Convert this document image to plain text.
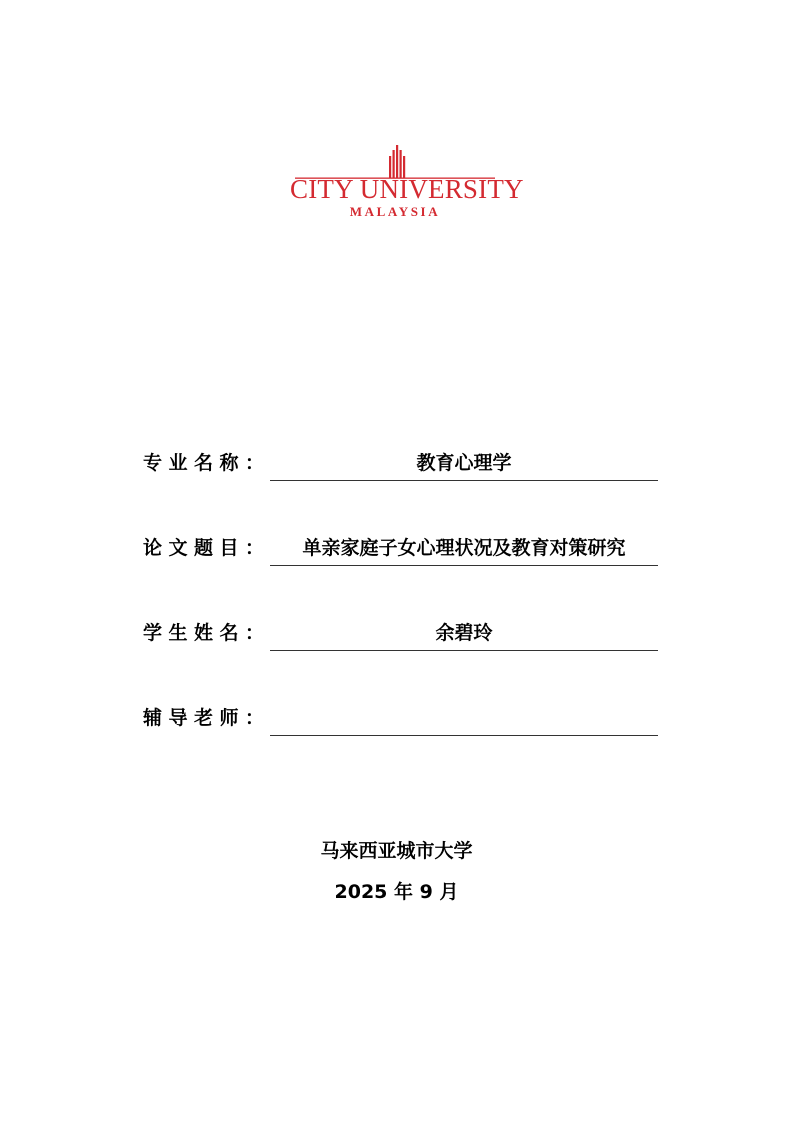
CITY UNIVERSITY
MALAYSIA
专业名称：	教育心理学
论文题目：	单亲家庭子女心理状况及教育对策研究
学生姓名：	余碧玲
辅导老师：
马来西亚城市大学
2025 年 9 月
